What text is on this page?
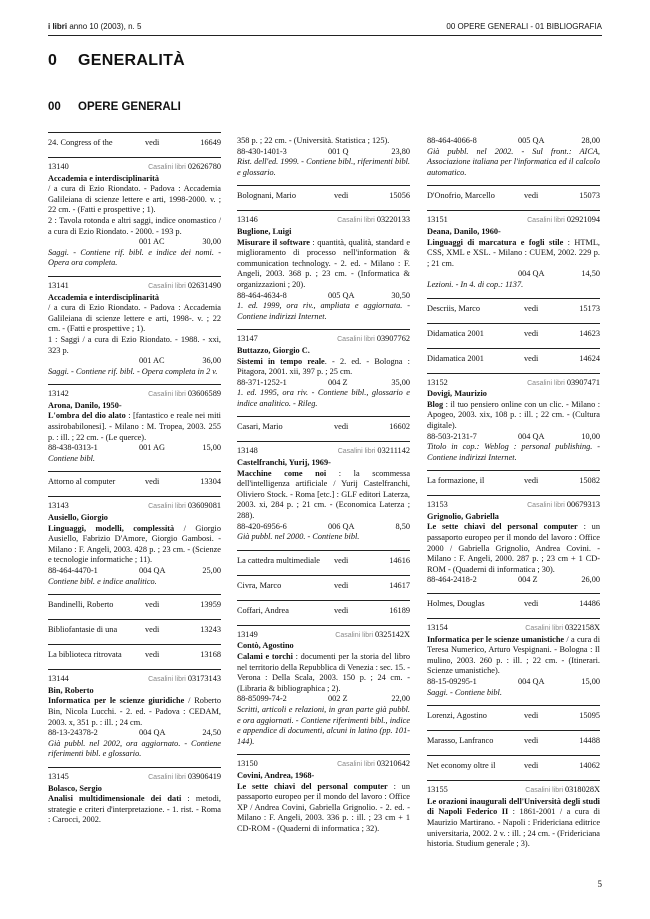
i libri anno 10 (2003), n. 5	00 OPERE GENERALI - 01 BIBLIOGRAFIA
0 GENERALITÀ
00 OPERE GENERALI
24. Congress of the	vedi	16649
13140	Casalini libri 02626780
Accademia e interdisciplinarità
/ a cura di Ezio Riondato. - Padova : Accademia Galileiana di scienze lettere e arti, 1998-2000. v. ; 22 cm. - (Fatti e prospettive ; 1).
2 : Tavola rotonda e altri saggi, indice onomastico / a cura di Ezio Riondato. - 2000. - 193 p.
001 AC	30,00
Saggi. - Contiene rif. bibl. e indice dei nomi. - Opera ora completa.
13141	Casalini libri 02631490
Accademia e interdisciplinarità
/ a cura di Ezio Riondato. - Padova : Accademia Galileiana di scienze lettere e arti, 1998-. v. ; 22 cm. - (Fatti e prospettive ; 1).
1 : Saggi / a cura di Ezio Riondato. - 1988. - xxi, 323 p.
001 AC	36,00
Saggi. - Contiene rif. bibl. - Opera completa in 2 v.
13142	Casalini libri 03606589
Arona, Danilo, 1950-
L'ombra del dio alato : [fantastico e reale nei miti assirobabilonesi]. - Milano : M. Tropea, 2003. 255 p. : ill. ; 22 cm. - (Le querce).
88-438-0313-1	001 AG	15,00
Contiene bibl.
Attorno al computer	vedi	13304
13143	Casalini libri 03609081
Ausiello, Giorgio
Linguaggi, modelli, complessità / Giorgio Ausiello, Fabrizio D'Amore, Giorgio Gambosi. - Milano : F. Angeli, 2003. 428 p. ; 23 cm. - (Scienze e tecnologie informatiche ; 11).
88-464-4470-1	004 QA	25,00
Contiene bibl. e indice analitico.
Bandinelli, Roberto	vedi	13959
Bibliofantasie di una	vedi	13243
La biblioteca ritrovata	vedi	13168
13144	Casalini libri 03173143
Bin, Roberto
Informatica per le scienze giuridiche / Roberto Bin, Nicola Lucchi. - 2. ed. - Padova : CEDAM, 2003. x, 351 p. : ill. ; 24 cm.
88-13-24378-2	004 QA	24,50
Già pubbl. nel 2002, ora aggiornato. - Contiene riferimenti bibl. e glossario.
13145	Casalini libri 03906419
Bolasco, Sergio
Analisi multidimensionale dei dati : metodi, strategie e criteri d'interpretazione. - 1. rist. - Roma : Carocci, 2002.
358 p. ; 22 cm. - (Università. Statistica ; 125).
88-430-1401-3	001 Q	23,80
Rist. dell'ed. 1999. - Contiene bibl., riferimenti bibl. e glossario.
Bolognani, Mario	vedi	15056
13146	Casalini libri 03220133
Buglione, Luigi
Misurare il software : quantità, qualità, standard e miglioramento di processo nell'information & communication technology. - 2. ed. - Milano : F. Angeli, 2003. 368 p. ; 23 cm. - (Informatica & organizzazioni ; 20).
88-464-4634-8	005 QA	30,50
1. ed. 1999, ora riv., ampliata e aggiornata. - Contiene indirizzi Internet.
13147	Casalini libri 03907762
Buttazzo, Giorgio C.
Sistemi in tempo reale. - 2. ed. - Bologna : Pitagora, 2001. xii, 397 p. ; 25 cm.
88-371-1252-1	004 Z	35,00
1. ed. 1995, ora riv. - Contiene bibl., glossario e indice analitico. - Rileg.
Casari, Mario	vedi	16602
13148	Casalini libri 03211142
Castelfranchi, Yurij, 1969-
Macchine come noi : la scommessa dell'intelligenza artificiale / Yurij Castelfranchi, Oliviero Stock. - Roma [etc.] : GLF editori Laterza, 2003. xi, 284 p. ; 21 cm. - (Economica Laterza ; 288).
88-420-6956-6	006 QA	8,50
Già pubbl. nel 2000. - Contiene bibl.
La cattedra multimediale	vedi	14616
Civra, Marco	vedi	14617
Coffari, Andrea	vedi	16189
13149	Casalini libri 0325142X
Contò, Agostino
Calami e torchi : documenti per la storia del libro nel territorio della Repubblica di Venezia : sec. 15. - Verona : Della Scala, 2003. 150 p. ; 24 cm. - (Libraria & bibliographica ; 2).
88-85099-74-2	002 Z	22,00
Scritti, articoli e relazioni, in gran parte già pubbl. e ora aggiornati. - Contiene riferimenti bibl., indice e appendice di documenti, alcuni in latino (pp. 101-144).
13150	Casalini libri 03210642
Covini, Andrea, 1968-
Le sette chiavi del personal computer : un passaporto europeo per il mondo del lavoro : Office XP / Andrea Covini, Gabriella Grignolio. - 2. ed. - Milano : F. Angeli, 2003. 336 p. : ill. ; 23 cm + 1 CD-ROM - (Quaderni di informatica ; 32).
88-464-4066-8	005 QA	28,00
Già pubbl. nel 2002. - Sul front.: AICA, Associazione italiana per l'informatica ed il calcolo automatico.
D'Onofrio, Marcello	vedi	15073
13151	Casalini libri 02921094
Deana, Danilo, 1960-
Linguaggi di marcatura e fogli stile : HTML, CSS, XML e XSL. - Milano : CUEM, 2002. 229 p. ; 21 cm.
004 QA	14,50
Lezioni. - In 4. di cop.: 1137.
Descriis, Marco	vedi	15173
Didamatica 2001	vedi	14623
Didamatica 2001	vedi	14624
13152	Casalini libri 03907471
Dovigi, Maurizio
Blog : il tuo pensiero online con un clic. - Milano : Apogeo, 2003. xix, 108 p. : ill. ; 22 cm. - (Cultura digitale).
88-503-2131-7	004 QA	10,00
Titolo in cop.: Weblog : personal publishing. - Contiene indirizzi Internet.
La formazione, il	vedi	15082
13153	Casalini libri 00679313
Grignolio, Gabriella
Le sette chiavi del personal computer : un passaporto europeo per il mondo del lavoro : Office 2000 / Gabriella Grignolio, Andrea Covini. - Milano : F. Angeli, 2000. 287 p. ; 23 cm + 1 CD-ROM - (Quaderni di informatica ; 30).
88-464-2418-2	004 Z	26,00
Holmes, Douglas	vedi	14486
13154	Casalini libri 0322158X
Informatica per le scienze umanistiche / a cura di Teresa Numerico, Arturo Vespignani. - Bologna : Il mulino, 2003. 260 p. : ill. ; 22 cm. - (Itinerari. Scienze umanistiche).
88-15-09295-1	004 QA	15,00
Saggi. - Contiene bibl.
Lorenzi, Agostino	vedi	15095
Marasso, Lanfranco	vedi	14488
Net economy oltre il	vedi	14062
13155	Casalini libri 0318028X
Le orazioni inaugurali dell'Università degli studi di Napoli Federico II : 1861-2001 / a cura di Maurizio Martirano. - Napoli : Fridericiana editrice universitaria, 2002. 2 v. : ill. ; 24 cm. - (Fridericiana historia. Studium generale ; 3).
5
